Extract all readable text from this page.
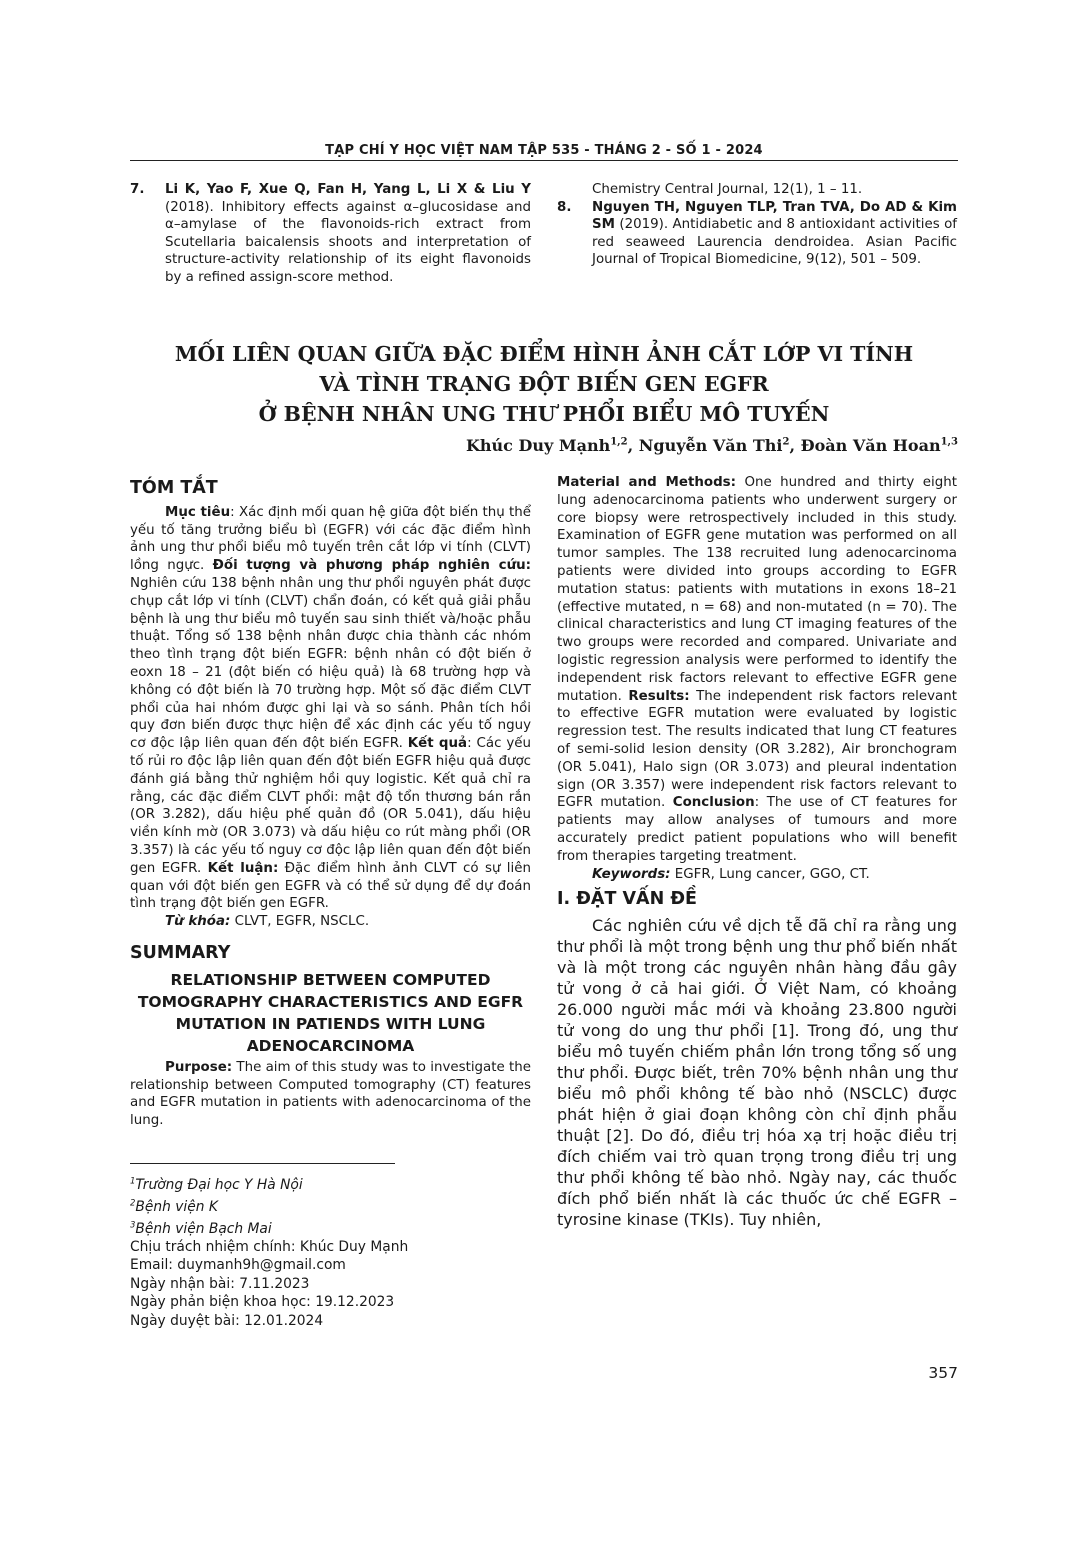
TẠP CHÍ Y HỌC VIỆT NAM TẬP 535 - THÁNG 2 - SỐ 1 - 2024
7.	Li K, Yao F, Xue Q, Fan H, Yang L, Li X & Liu Y (2018). Inhibitory effects against α–glucosidase and α–amylase of the flavonoids-rich extract from Scutellaria baicalensis shoots and interpretation of structure-activity relationship of its eight flavonoids by a refined assign-score method.
Chemistry Central Journal, 12(1), 1 – 11.
8.	Nguyen TH, Nguyen TLP, Tran TVA, Do AD & Kim SM (2019). Antidiabetic and 8 antioxidant activities of red seaweed Laurencia dendroidea. Asian Pacific Journal of Tropical Biomedicine, 9(12), 501 – 509.
MỐI LIÊN QUAN GIỮA ĐẶC ĐIỂM HÌNH ẢNH CẮT LỚP VI TÍNH
VÀ TÌNH TRẠNG ĐỘT BIẾN GEN EGFR
Ở BỆNH NHÂN UNG THƯ PHỔI BIỂU MÔ TUYẾN
Khúc Duy Mạnh$^{1,2}$, Nguyễn Văn Thi$^2$, Đoàn Văn Hoan$^{1,3}$
TÓM TẮT

Mục tiêu: Xác định mối quan hệ giữa đột biến thụ thể yếu tố tăng trưởng biểu bì (EGFR) với các đặc điểm hình ảnh ung thư phổi biểu mô tuyến trên cắt lớp vi tính (CLVT) lồng ngực. Đối tượng và phương pháp nghiên cứu: Nghiên cứu 138 bệnh nhân ung thư phổi nguyên phát được chụp cắt lớp vi tính (CLVT) chẩn đoán, có kết quả giải phẫu bệnh là ung thư biểu mô tuyến sau sinh thiết và/hoặc phẫu thuật. Tổng số 138 bệnh nhân được chia thành các nhóm theo tình trạng đột biến EGFR: bệnh nhân có đột biến ở eoxn 18 – 21 (đột biến có hiệu quả) là 68 trường hợp và không có đột biến là 70 trường hợp. Một số đặc điểm CLVT phổi của hai nhóm được ghi lại và so sánh. Phân tích hồi quy đơn biến được thực hiện để xác định các yếu tố nguy cơ độc lập liên quan đến đột biến EGFR. Kết quả: Các yếu tố rủi ro độc lập liên quan đến đột biến EGFR hiệu quả được đánh giá bằng thử nghiệm hồi quy logistic. Kết quả chỉ ra rằng, các đặc điểm CLVT phổi: mật độ tổn thương bán rắn (OR 3.282), dấu hiệu phế quản đồ (OR 5.041), dấu hiệu viền kính mờ (OR 3.073) và dấu hiệu co rút màng phổi (OR 3.357) là các yếu tố nguy cơ độc lập liên quan đến đột biến gen EGFR. Kết luận: Đặc điểm hình ảnh CLVT có sự liên quan với đột biến gen EGFR và có thể sử dụng để dự đoán tình trạng đột biến gen EGFR.

Từ khóa: CLVT, EGFR, NSCLC.

SUMMARY

RELATIONSHIP BETWEEN COMPUTED TOMOGRAPHY CHARACTERISTICS AND EGFR MUTATION IN PATIENDS WITH LUNG ADENOCARCINOMA

Purpose: The aim of this study was to investigate the relationship between Computed tomography (CT) features and EGFR mutation in patients with adenocarcinoma of the lung.

Material and Methods: One hundred and thirty eight lung adenocarcinoma patients who underwent surgery or core biopsy were retrospectively included in this study. Examination of EGFR gene mutation was performed on all tumor samples. The 138 recruited lung adenocarcinoma patients were divided into groups according to EGFR mutation status: patients with mutations in exons 18–21 (effective mutated, n = 68) and non-mutated (n = 70). The clinical characteristics and lung CT imaging features of the two groups were recorded and compared. Univariate and logistic regression analysis were performed to identify the independent risk factors relevant to effective EGFR gene mutation. Results: The independent risk factors relevant to effective EGFR mutation were evaluated by logistic regression test. The results indicated that lung CT features of semi-solid lesion density (OR 3.282), Air bronchogram (OR 5.041), Halo sign (OR 3.073) and pleural indentation sign (OR 3.357) were independent risk factors relevant to EGFR mutation. Conclusion: The use of CT features for patients may allow analyses of tumours and more accurately predict patient populations who will benefit from therapies targeting treatment.

Keywords: EGFR, Lung cancer, GGO, CT.

I. ĐẶT VẤN ĐỀ

Các nghiên cứu về dịch tễ đã chỉ ra rằng ung thư phổi là một trong bệnh ung thư phổ biến nhất và là một trong các nguyên nhân hàng đầu gây tử vong ở cả hai giới. Ở Việt Nam, có khoảng 26.000 người mắc mới và khoảng 23.800 người tử vong do ung thư phổi [1]. Trong đó, ung thư biểu mô tuyến chiếm phần lớn trong tổng số ung thư phổi. Được biết, trên 70% bệnh nhân ung thư biểu mô phổi không tế bào nhỏ (NSCLC) được phát hiện ở giai đoạn không còn chỉ định phẫu thuật [2]. Do đó, điều trị hóa xạ trị hoặc điều trị đích chiếm vai trò quan trọng trong điều trị ung thư phổi không tế bào nhỏ. Ngày nay, các thuốc đích phổ biến nhất là các thuốc ức chế EGFR – tyrosine kinase (TKIs). Tuy nhiên,

$^1$Trường Đại học Y Hà Nội
$^2$Bệnh viện K
$^3$Bệnh viện Bạch Mai
Chịu trách nhiệm chính: Khúc Duy Mạnh
Email: duymanh9h@gmail.com
Ngày nhận bài: 7.11.2023
Ngày phản biện khoa học: 19.12.2023
Ngày duyệt bài: 12.01.2024
357
